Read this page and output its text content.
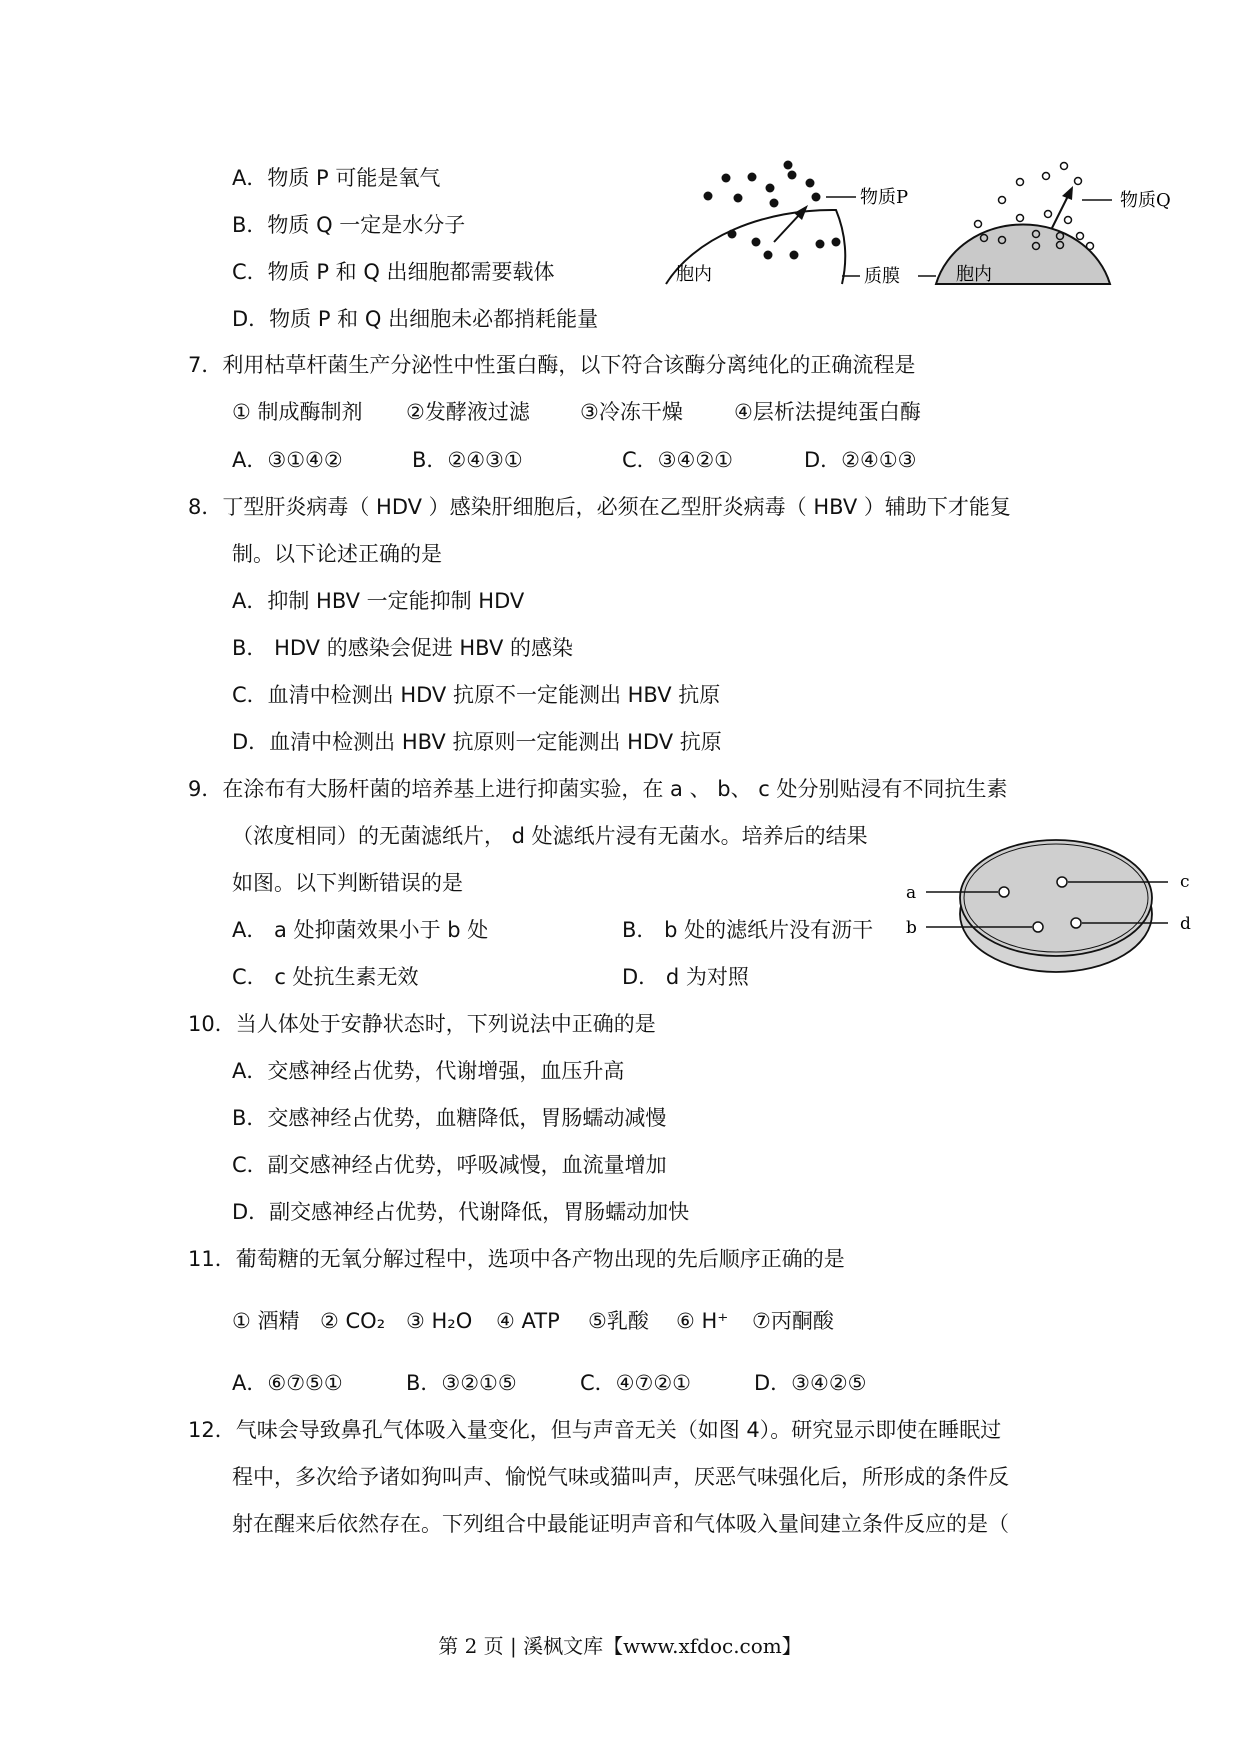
A．物质 P 可能是氧气
B．物质 Q 一定是水分子
C．物质 P 和 Q 出细胞都需要载体
D．物质 P 和 Q 出细胞未必都捎耗能量
物质P
胞内	质膜
物质Q
胞内
7．利用枯草杆菌生产分泌性中性蛋白酶，以下符合该酶分离纯化的正确流程是
① 制成酶制剂 ②发酵液过滤 ③冷冻干燥 ④层析法提纯蛋白酶
A．③①④②	B．②④③①	C．③④②①	D．②④①③
8．丁型肝炎病毒（ HDV ）感染肝细胞后，必须在乙型肝炎病毒（ HBV ）辅助下才能复
制。以下论述正确的是
A．抑制 HBV 一定能抑制 HDV
B． HDV 的感染会促进 HBV 的感染
C．血清中检测出 HDV 抗原不一定能测出 HBV 抗原
D．血清中检测出 HBV 抗原则一定能测出 HDV 抗原
9．在涂布有大肠杆菌的培养基上进行抑菌实验，在 a 、 b、 c 处分别贴浸有不同抗生素
（浓度相同）的无菌滤纸片， d 处滤纸片浸有无菌水。培养后的结果
如图。以下判断错误的是
A． a 处抑菌效果小于 b 处	B． b 处的滤纸片没有沥干
C． c 处抗生素无效	D． d 为对照
a
b
c
d
10．当人体处于安静状态时，下列说法中正确的是
A．交感神经占优势，代谢增强，血压升高
B．交感神经占优势，血糖降低，胃肠蠕动减慢
C．副交感神经占优势，呼吸减慢，血流量增加
D．副交感神经占优势，代谢降低，胃肠蠕动加快
11．葡萄糖的无氧分解过程中，选项中各产物出现的先后顺序正确的是
① 酒精 ② CO₂ ③ H₂O ④ ATP ⑤乳酸 ⑥ H⁺ ⑦丙酮酸
A．⑥⑦⑤①	B．③②①⑤	C．④⑦②①	D．③④②⑤
12．气味会导致鼻孔气体吸入量变化，但与声音无关（如图 4）。研究显示即使在睡眠过
程中，多次给予诸如狗叫声、愉悦气味或猫叫声，厌恶气味强化后，所形成的条件反
射在醒来后依然存在。下列组合中最能证明声音和气体吸入量间建立条件反应的是（
第 2 页 | 溪枫文库【www.xfdoc.com】
